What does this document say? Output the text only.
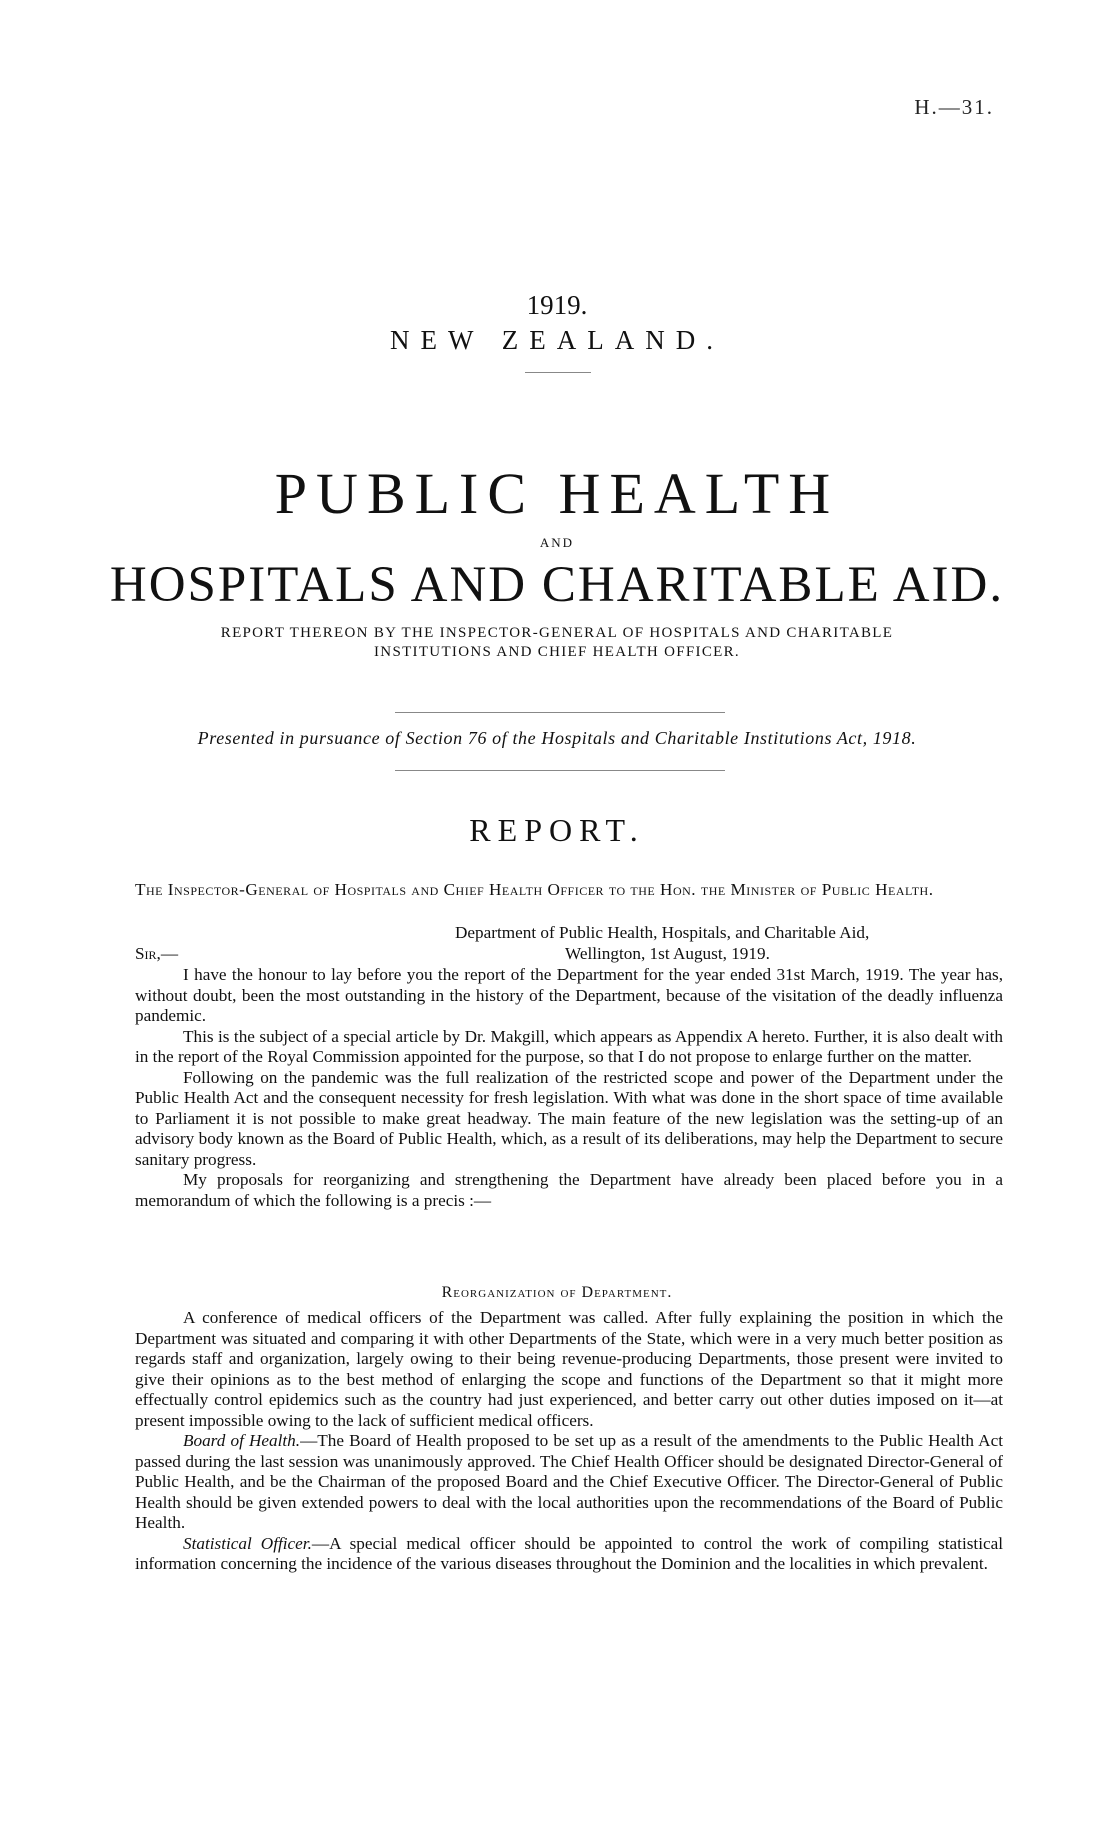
H.—31.
1919.
NEW ZEALAND.
PUBLIC HEALTH
AND
HOSPITALS AND CHARITABLE AID.
REPORT THEREON BY THE INSPECTOR-GENERAL OF HOSPITALS AND CHARITABLE
INSTITUTIONS AND CHIEF HEALTH OFFICER.
Presented in pursuance of Section 76 of the Hospitals and Charitable Institutions Act, 1918.
REPORT.
The Inspector-General of Hospitals and Chief Health Officer to the Hon. the Minister of Public Health.
Department of Public Health, Hospitals, and Charitable Aid,
Sir,—	Wellington, 1st August, 1919.

I have the honour to lay before you the report of the Department for the year ended 31st March, 1919. The year has, without doubt, been the most outstanding in the history of the Department, because of the visitation of the deadly influenza pandemic.

This is the subject of a special article by Dr. Makgill, which appears as Appendix A hereto. Further, it is also dealt with in the report of the Royal Commission appointed for the purpose, so that I do not propose to enlarge further on the matter.

Following on the pandemic was the full realization of the restricted scope and power of the Department under the Public Health Act and the consequent necessity for fresh legislation. With what was done in the short space of time available to Parliament it is not possible to make great headway. The main feature of the new legislation was the setting-up of an advisory body known as the Board of Public Health, which, as a result of its deliberations, may help the Department to secure sanitary progress.

My proposals for reorganizing and strengthening the Department have already been placed before you in a memorandum of which the following is a precis :—

Reorganization of Department.

A conference of medical officers of the Department was called. After fully explaining the position in which the Department was situated and comparing it with other Departments of the State, which were in a very much better position as regards staff and organization, largely owing to their being revenue-producing Departments, those present were invited to give their opinions as to the best method of enlarging the scope and functions of the Department so that it might more effectually control epidemics such as the country had just experienced, and better carry out other duties imposed on it—at present impossible owing to the lack of sufficient medical officers.

Board of Health.—The Board of Health proposed to be set up as a result of the amendments to the Public Health Act passed during the last session was unanimously approved. The Chief Health Officer should be designated Director-General of Public Health, and be the Chairman of the proposed Board and the Chief Executive Officer. The Director-General of Public Health should be given extended powers to deal with the local authorities upon the recommendations of the Board of Public Health.

Statistical Officer.—A special medical officer should be appointed to control the work of compiling statistical information concerning the incidence of the various diseases throughout the Dominion and the localities in which prevalent.
